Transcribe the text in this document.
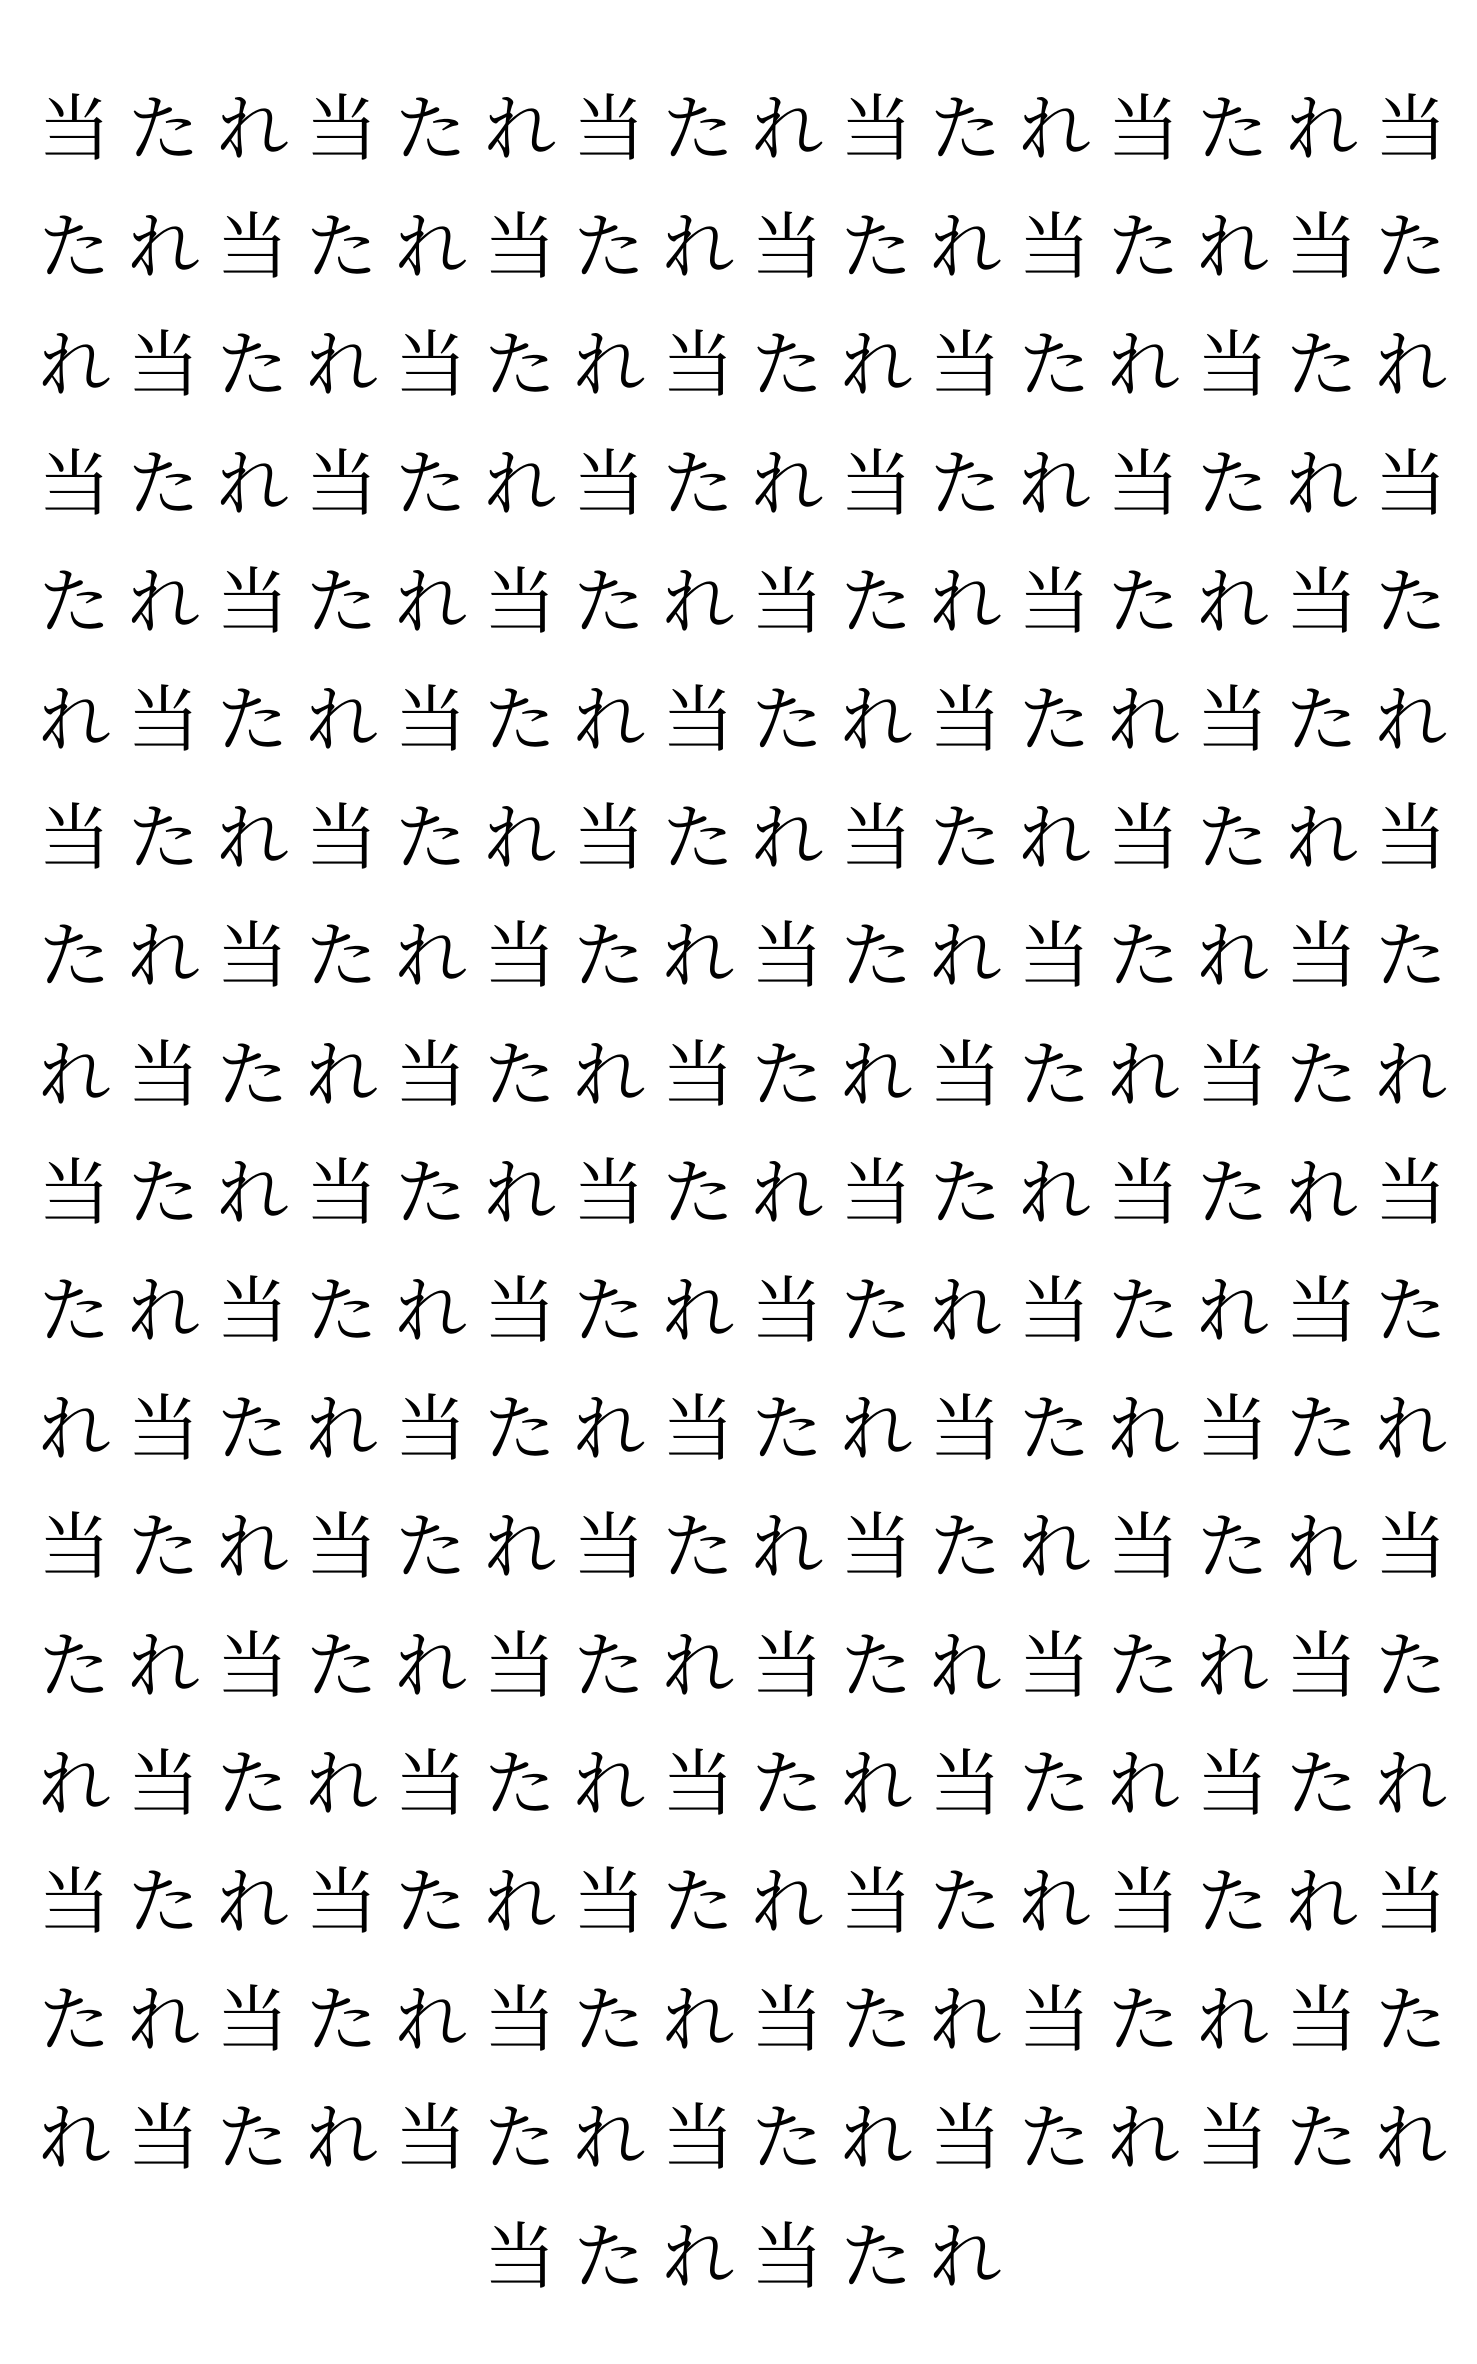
当 た れ 当 た れ 当 た れ 当 た れ 当 た れ 当
た れ 当 た れ 当 た れ 当 た れ 当 た れ 当 た
れ 当 た れ 当 た れ 当 た れ 当 た れ 当 た れ
当 た れ 当 た れ 当 た れ 当 た れ 当 た れ 当
た れ 当 た れ 当 た れ 当 た れ 当 た れ 当 た
れ 当 た れ 当 た れ 当 た れ 当 た れ 当 た れ
当 た れ 当 た れ 当 た れ 当 た れ 当 た れ 当
た れ 当 た れ 当 た れ 当 た れ 当 た れ 当 た
れ 当 た れ 当 た れ 当 た れ 当 た れ 当 た れ
当 た れ 当 た れ 当 た れ 当 た れ 当 た れ 当
た れ 当 た れ 当 た れ 当 た れ 当 た れ 当 た
れ 当 た れ 当 た れ 当 た れ 当 た れ 当 た れ
当 た れ 当 た れ 当 た れ 当 た れ 当 た れ 当
た れ 当 た れ 当 た れ 当 た れ 当 た れ 当 た
れ 当 た れ 当 た れ 当 た れ 当 た れ 当 た れ
当 た れ 当 た れ 当 た れ 当 た れ 当 た れ 当
た れ 当 た れ 当 た れ 当 た れ 当 た れ 当 た
れ 当 た れ 当 た れ 当 た れ 当 た れ 当 た れ
当 た れ 当 た れ
